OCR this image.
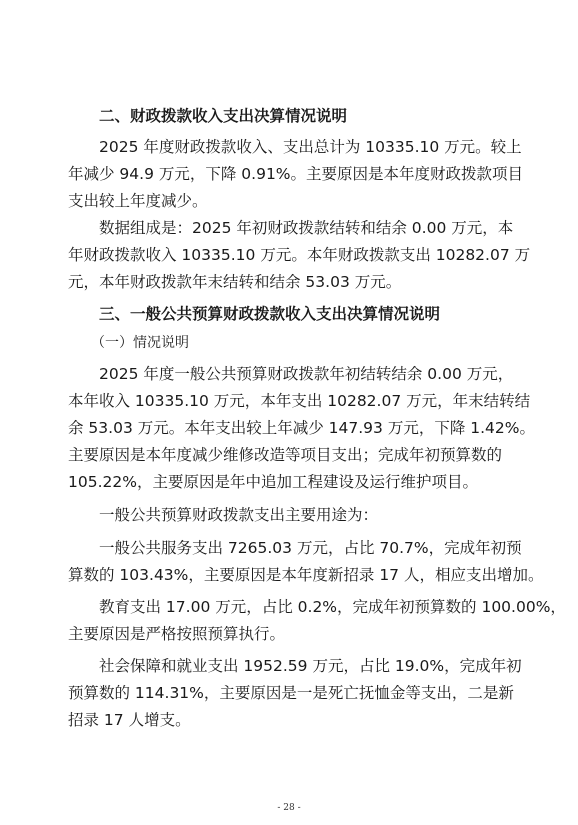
二、财政拨款收入支出决算情况说明
2025 年度财政拨款收入、支出总计为 10335.10 万元。较上
年减少 94.9 万元，下降 0.91%。主要原因是本年度财政拨款项目
支出较上年度减少。
数据组成是：2025 年初财政拨款结转和结余 0.00 万元，本
年财政拨款收入 10335.10 万元。本年财政拨款支出 10282.07 万
元，本年财政拨款年末结转和结余 53.03 万元。
三、一般公共预算财政拨款收入支出决算情况说明
（一）情况说明
2025 年度一般公共预算财政拨款年初结转结余 0.00 万元，
本年收入 10335.10 万元，本年支出 10282.07 万元，年末结转结
余 53.03 万元。本年支出较上年减少 147.93 万元，下降 1.42%。
主要原因是本年度减少维修改造等项目支出；完成年初预算数的
105.22%，主要原因是年中追加工程建设及运行维护项目。
一般公共预算财政拨款支出主要用途为：
一般公共服务支出 7265.03 万元，占比 70.7%，完成年初预
算数的 103.43%，主要原因是本年度新招录 17 人，相应支出增加。
教育支出 17.00 万元，占比 0.2%，完成年初预算数的 100.00%，
主要原因是严格按照预算执行。
社会保障和就业支出 1952.59 万元，占比 19.0%，完成年初
预算数的 114.31%，主要原因是一是死亡抚恤金等支出，二是新
招录 17 人增支。
- 28 -
